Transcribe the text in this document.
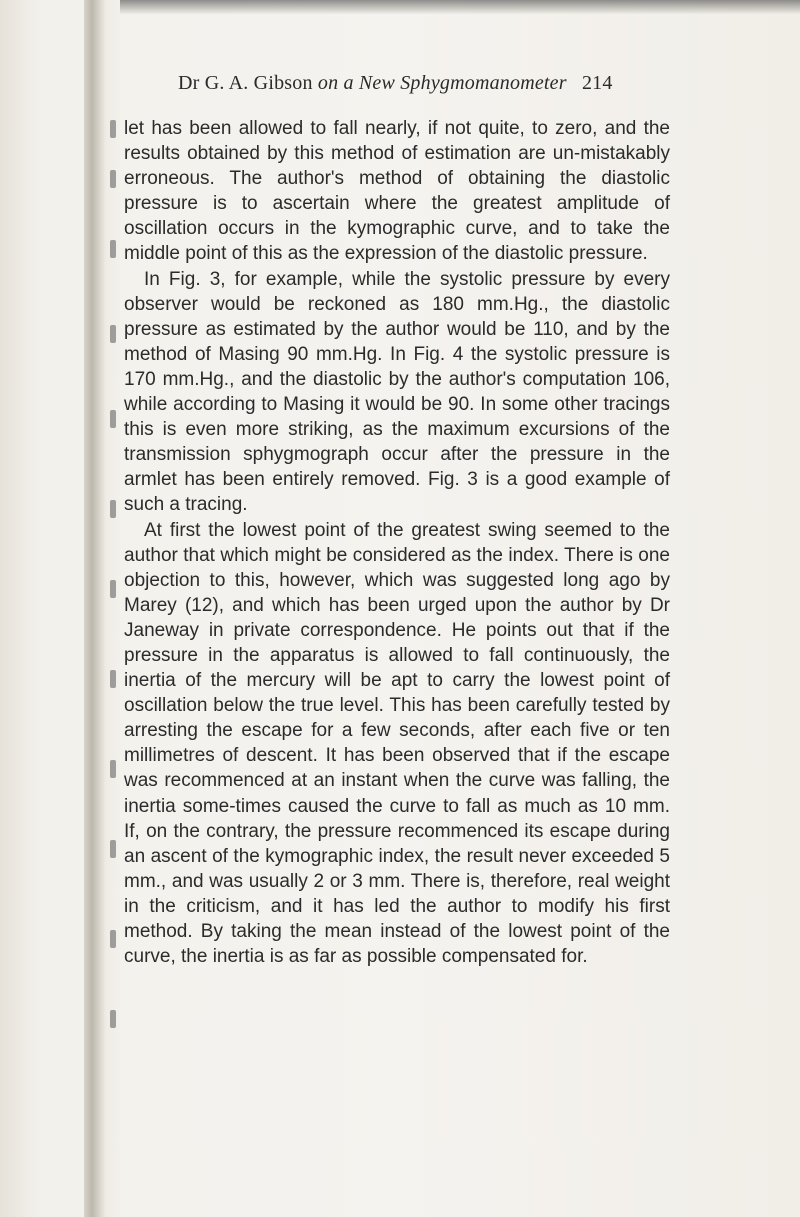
Dr G. A. Gibson on a New Sphygmomanometer 214

let has been allowed to fall nearly, if not quite, to zero, and the results obtained by this method of estimation are un-mistakably erroneous. The author's method of obtaining the diastolic pressure is to ascertain where the greatest amplitude of oscillation occurs in the kymographic curve, and to take the middle point of this as the expression of the diastolic pressure.

In Fig. 3, for example, while the systolic pressure by every observer would be reckoned as 180 mm.Hg., the diastolic pressure as estimated by the author would be 110, and by the method of Masing 90 mm.Hg. In Fig. 4 the systolic pressure is 170 mm.Hg., and the diastolic by the author's computation 106, while according to Masing it would be 90. In some other tracings this is even more striking, as the maximum excursions of the transmission sphygmograph occur after the pressure in the armlet has been entirely removed. Fig. 3 is a good example of such a tracing.

At first the lowest point of the greatest swing seemed to the author that which might be considered as the index. There is one objection to this, however, which was suggested long ago by Marey (12), and which has been urged upon the author by Dr Janeway in private correspondence. He points out that if the pressure in the apparatus is allowed to fall continuously, the inertia of the mercury will be apt to carry the lowest point of oscillation below the true level. This has been carefully tested by arresting the escape for a few seconds, after each five or ten millimetres of descent. It has been observed that if the escape was recommenced at an instant when the curve was falling, the inertia some-times caused the curve to fall as much as 10 mm. If, on the contrary, the pressure recommenced its escape during an ascent of the kymographic index, the result never exceeded 5 mm., and was usually 2 or 3 mm. There is, therefore, real weight in the criticism, and it has led the author to modify his first method. By taking the mean instead of the lowest point of the curve, the inertia is as far as possible compensated for.
